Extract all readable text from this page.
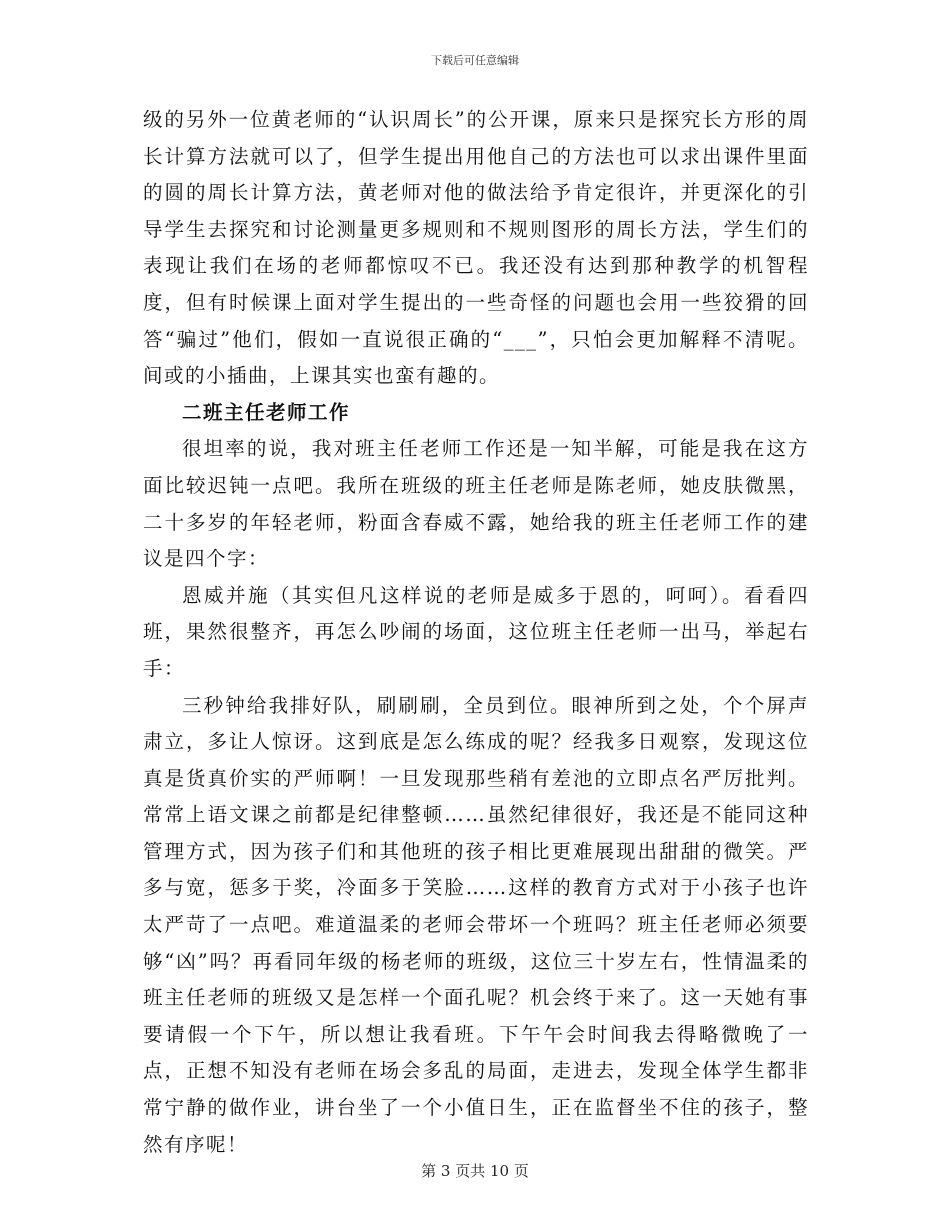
下载后可任意编辑

级的另外一位黄老师的“认识周长”的公开课，原来只是探究长方形的周长计算方法就可以了，但学生提出用他自己的方法也可以求出课件里面的圆的周长计算方法，黄老师对他的做法给予肯定很许，并更深化的引导学生去探究和讨论测量更多规则和不规则图形的周长方法，学生们的表现让我们在场的老师都惊叹不已。我还没有达到那种教学的机智程度，但有时候课上面对学生提出的一些奇怪的问题也会用一些狡猾的回答“骗过”他们，假如一直说很正确的“___”，只怕会更加解释不清呢。间或的小插曲，上课其实也蛮有趣的。

二班主任老师工作

很坦率的说，我对班主任老师工作还是一知半解，可能是我在这方面比较迟钝一点吧。我所在班级的班主任老师是陈老师，她皮肤微黑，二十多岁的年轻老师，粉面含春威不露，她给我的班主任老师工作的建议是四个字：

恩威并施（其实但凡这样说的老师是威多于恩的，呵呵）。看看四班，果然很整齐，再怎么吵闹的场面，这位班主任老师一出马，举起右手：

三秒钟给我排好队，刷刷刷，全员到位。眼神所到之处，个个屏声肃立，多让人惊讶。这到底是怎么练成的呢？经我多日观察，发现这位真是货真价实的严师啊！一旦发现那些稍有差池的立即点名严厉批判。常常上语文课之前都是纪律整顿……虽然纪律很好，我还是不能同这种管理方式，因为孩子们和其他班的孩子相比更难展现出甜甜的微笑。严多与宽，惩多于奖，冷面多于笑脸……这样的教育方式对于小孩子也许太严苛了一点吧。难道温柔的老师会带坏一个班吗？班主任老师必须要够“凶”吗？再看同年级的杨老师的班级，这位三十岁左右，性情温柔的班主任老师的班级又是怎样一个面孔呢？机会终于来了。这一天她有事要请假一个下午，所以想让我看班。下午午会时间我去得略微晚了一点，正想不知没有老师在场会多乱的局面，走进去，发现全体学生都非常宁静的做作业，讲台坐了一个小值日生，正在监督坐不住的孩子，整然有序呢！

第 3 页共 10 页
